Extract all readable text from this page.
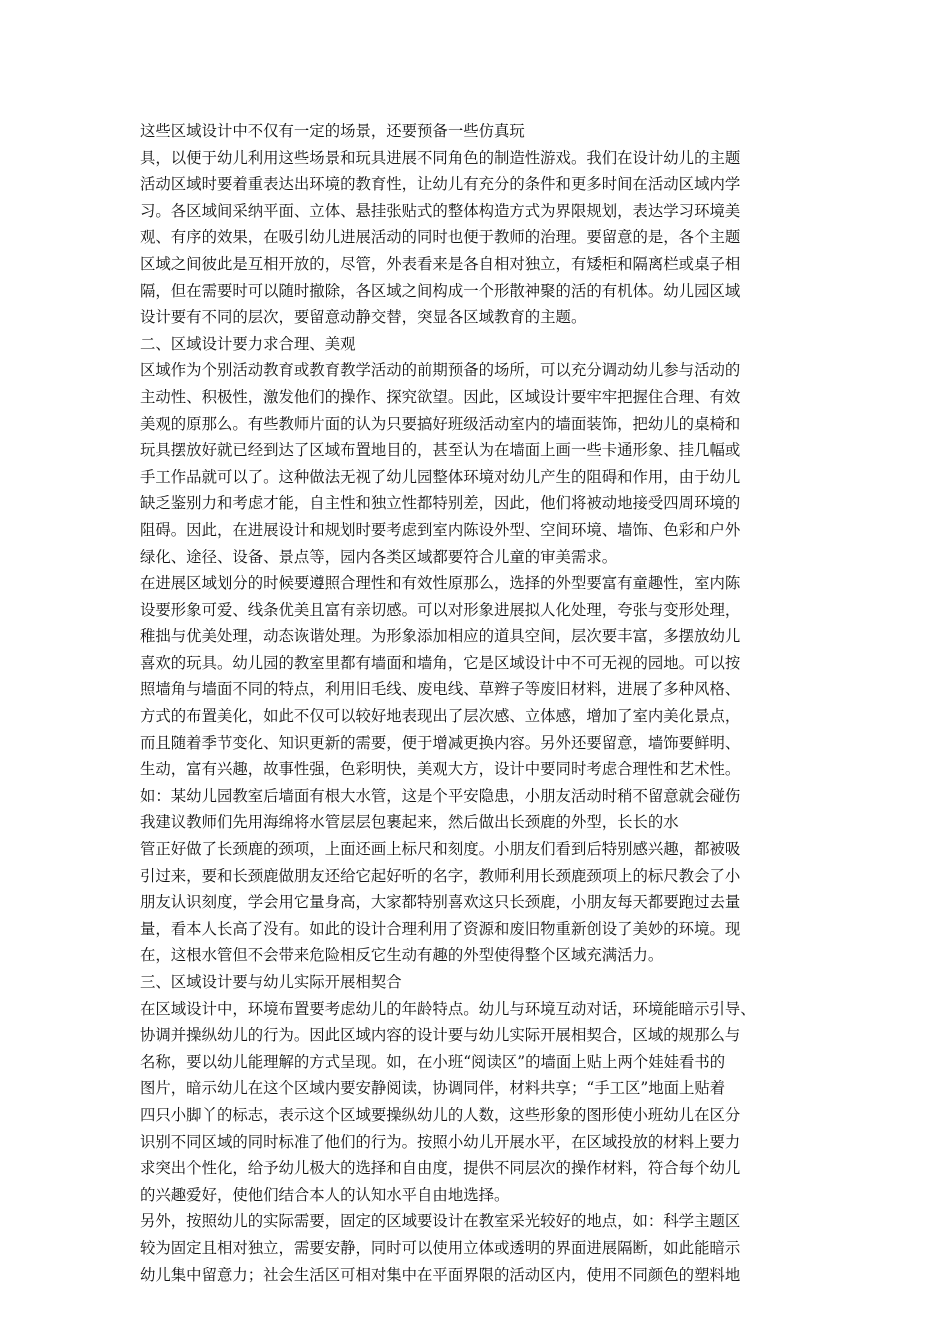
这些区域设计中不仅有一定的场景，还要预备一些仿真玩
具，以便于幼儿利用这些场景和玩具进展不同角色的制造性游戏。我们在设计幼儿的主题
活动区域时要着重表达出环境的教育性，让幼儿有充分的条件和更多时间在活动区域内学
习。各区域间采纳平面、立体、悬挂张贴式的整体构造方式为界限规划，表达学习环境美
观、有序的效果，在吸引幼儿进展活动的同时也便于教师的治理。要留意的是，各个主题
区域之间彼此是互相开放的，尽管，外表看来是各自相对独立，有矮柜和隔离栏或桌子相
隔，但在需要时可以随时撤除，各区域之间构成一个形散神聚的活的有机体。幼儿园区域
设计要有不同的层次，要留意动静交替，突显各区域教育的主题。
二、区域设计要力求合理、美观
区域作为个别活动教育或教育教学活动的前期预备的场所，可以充分调动幼儿参与活动的
主动性、积极性，激发他们的操作、探究欲望。因此，区域设计要牢牢把握住合理、有效
美观的原那么。有些教师片面的认为只要搞好班级活动室内的墙面装饰，把幼儿的桌椅和
玩具摆放好就已经到达了区域布置地目的，甚至认为在墙面上画一些卡通形象、挂几幅或
手工作品就可以了。这种做法无视了幼儿园整体环境对幼儿产生的阻碍和作用，由于幼儿
缺乏鉴别力和考虑才能，自主性和独立性都特别差，因此，他们将被动地接受四周环境的
阻碍。因此，在进展设计和规划时要考虑到室内陈设外型、空间环境、墙饰、色彩和户外
绿化、途径、设备、景点等，园内各类区域都要符合儿童的审美需求。
在进展区域划分的时候要遵照合理性和有效性原那么，选择的外型要富有童趣性，室内陈
设要形象可爱、线条优美且富有亲切感。可以对形象进展拟人化处理，夸张与变形处理，
稚拙与优美处理，动态诙谐处理。为形象添加相应的道具空间，层次要丰富，多摆放幼儿
喜欢的玩具。幼儿园的教室里都有墙面和墙角，它是区域设计中不可无视的园地。可以按
照墙角与墙面不同的特点，利用旧毛线、废电线、草辫子等废旧材料，进展了多种风格、
方式的布置美化，如此不仅可以较好地表现出了层次感、立体感，增加了室内美化景点，
而且随着季节变化、知识更新的需要，便于增减更换内容。另外还要留意，墙饰要鲜明、
生动，富有兴趣，故事性强，色彩明快，美观大方，设计中要同时考虑合理性和艺术性。
如：某幼儿园教室后墙面有根大水管，这是个平安隐患，小朋友活动时稍不留意就会碰伤
我建议教师们先用海绵将水管层层包裹起来，然后做出长颈鹿的外型，长长的水
管正好做了长颈鹿的颈项，上面还画上标尺和刻度。小朋友们看到后特别感兴趣，都被吸
引过来，要和长颈鹿做朋友还给它起好听的名字，教师利用长颈鹿颈项上的标尺教会了小
朋友认识刻度，学会用它量身高，大家都特别喜欢这只长颈鹿，小朋友每天都要跑过去量
量，看本人长高了没有。如此的设计合理利用了资源和废旧物重新创设了美妙的环境。现
在，这根水管但不会带来危险相反它生动有趣的外型使得整个区域充满活力。
三、区域设计要与幼儿实际开展相契合
在区域设计中，环境布置要考虑幼儿的年龄特点。幼儿与环境互动对话，环境能暗示引导、
协调并操纵幼儿的行为。因此区域内容的设计要与幼儿实际开展相契合，区域的规那么与
名称，要以幼儿能理解的方式呈现。如，在小班“阅读区”的墙面上贴上两个娃娃看书的
图片，暗示幼儿在这个区域内要安静阅读，协调同伴，材料共享；“手工区”地面上贴着
四只小脚丫的标志，表示这个区域要操纵幼儿的人数，这些形象的图形使小班幼儿在区分
识别不同区域的同时标准了他们的行为。按照小幼儿开展水平，在区域投放的材料上要力
求突出个性化，给予幼儿极大的选择和自由度，提供不同层次的操作材料，符合每个幼儿
的兴趣爱好，使他们结合本人的认知水平自由地选择。
另外，按照幼儿的实际需要，固定的区域要设计在教室采光较好的地点，如：科学主题区
较为固定且相对独立，需要安静，同时可以使用立体或透明的界面进展隔断，如此能暗示
幼儿集中留意力；社会生活区可相对集中在平面界限的活动区内，使用不同颜色的塑料地
